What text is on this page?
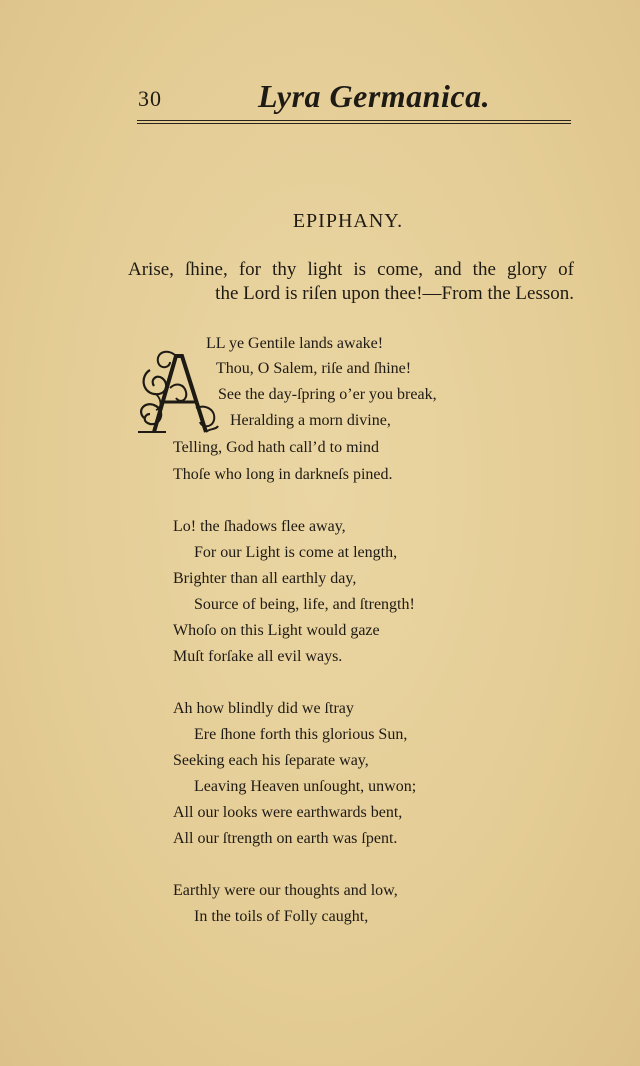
30	Lyra Germanica.
EPIPHANY.
Arise, ſhine, for thy light is come, and the glory of
the Lord is riſen upon thee!—From the Lesson.
LL ye Gentile lands awake!
Thou, O Salem, riſe and ſhine!
See the day-ſpring o’er you break,
Heralding a morn divine,
Telling, God hath call’d to mind
Thoſe who long in darkneſs pined.
Lo! the ſhadows flee away,
For our Light is come at length,
Brighter than all earthly day,
Source of being, life, and ſtrength!
Whoſo on this Light would gaze
Muſt forſake all evil ways.
Ah how blindly did we ſtray
Ere ſhone forth this glorious Sun,
Seeking each his ſeparate way,
Leaving Heaven unſought, unwon;
All our looks were earthwards bent,
All our ſtrength on earth was ſpent.
Earthly were our thoughts and low,
In the toils of Folly caught,
